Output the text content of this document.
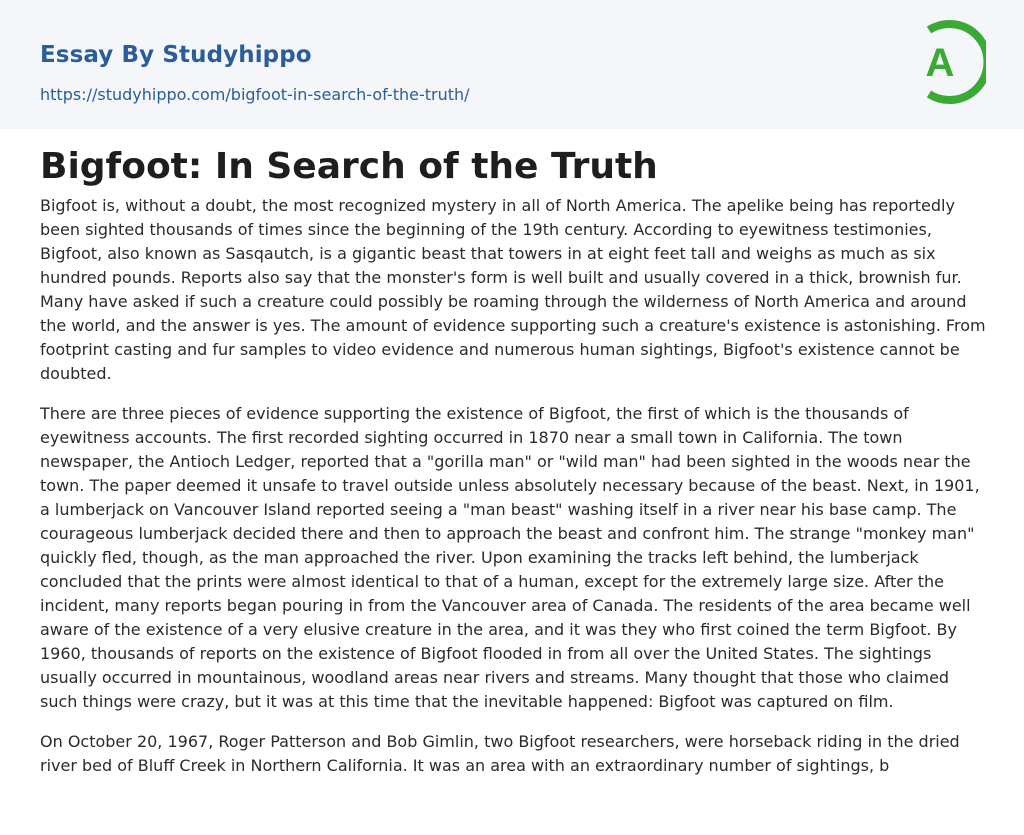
Essay By Studyhippo
https://studyhippo.com/bigfoot-in-search-of-the-truth/
A
Bigfoot: In Search of the Truth

Bigfoot is, without a doubt, the most recognized mystery in all of North America. The apelike being has reportedly been sighted thousands of times since the beginning of the 19th century. According to eyewitness testimonies, Bigfoot, also known as Sasqautch, is a gigantic beast that towers in at eight feet tall and weighs as much as six hundred pounds. Reports also say that the monster's form is well built and usually covered in a thick, brownish fur. Many have asked if such a creature could possibly be roaming through the wilderness of North America and around the world, and the answer is yes. The amount of evidence supporting such a creature's existence is astonishing. From footprint casting and fur samples to video evidence and numerous human sightings, Bigfoot's existence cannot be doubted.

There are three pieces of evidence supporting the existence of Bigfoot, the first of which is the thousands of eyewitness accounts. The first recorded sighting occurred in 1870 near a small town in California. The town newspaper, the Antioch Ledger, reported that a "gorilla man" or "wild man" had been sighted in the woods near the town. The paper deemed it unsafe to travel outside unless absolutely necessary because of the beast. Next, in 1901, a lumberjack on Vancouver Island reported seeing a "man beast" washing itself in a river near his base camp. The courageous lumberjack decided there and then to approach the beast and confront him. The strange "monkey man" quickly fled, though, as the man approached the river. Upon examining the tracks left behind, the lumberjack concluded that the prints were almost identical to that of a human, except for the extremely large size. After the incident, many reports began pouring in from the Vancouver area of Canada. The residents of the area became well aware of the existence of a very elusive creature in the area, and it was they who first coined the term Bigfoot. By 1960, thousands of reports on the existence of Bigfoot flooded in from all over the United States. The sightings usually occurred in mountainous, woodland areas near rivers and streams. Many thought that those who claimed such things were crazy, but it was at this time that the inevitable happened: Bigfoot was captured on film.

On October 20, 1967, Roger Patterson and Bob Gimlin, two Bigfoot researchers, were horseback riding in the dried river bed of Bluff Creek in Northern California. It was an area with an extraordinary number of sightings, b
